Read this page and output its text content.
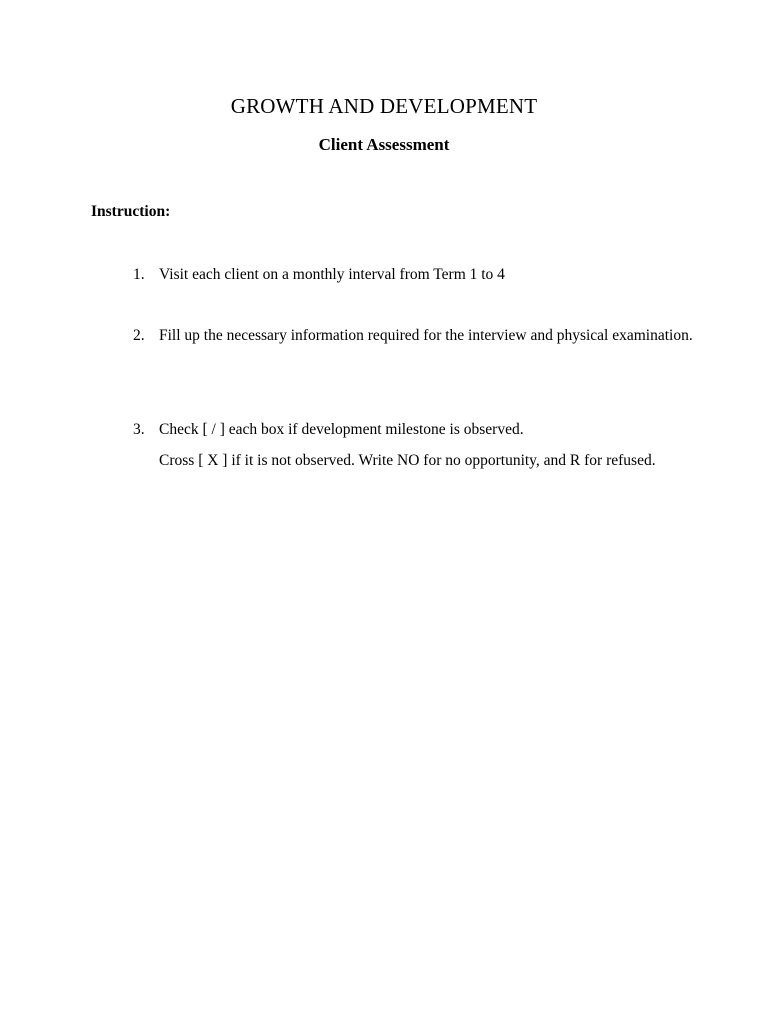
GROWTH AND DEVELOPMENT
Client Assessment

Instruction:

1. Visit each client on a monthly interval from Term 1 to 4
2. Fill up the necessary information required for the interview and physical examination.
3. Check [ / ] each box if development milestone is observed.
Cross [ X ] if it is not observed. Write NO for no opportunity, and R for refused.
